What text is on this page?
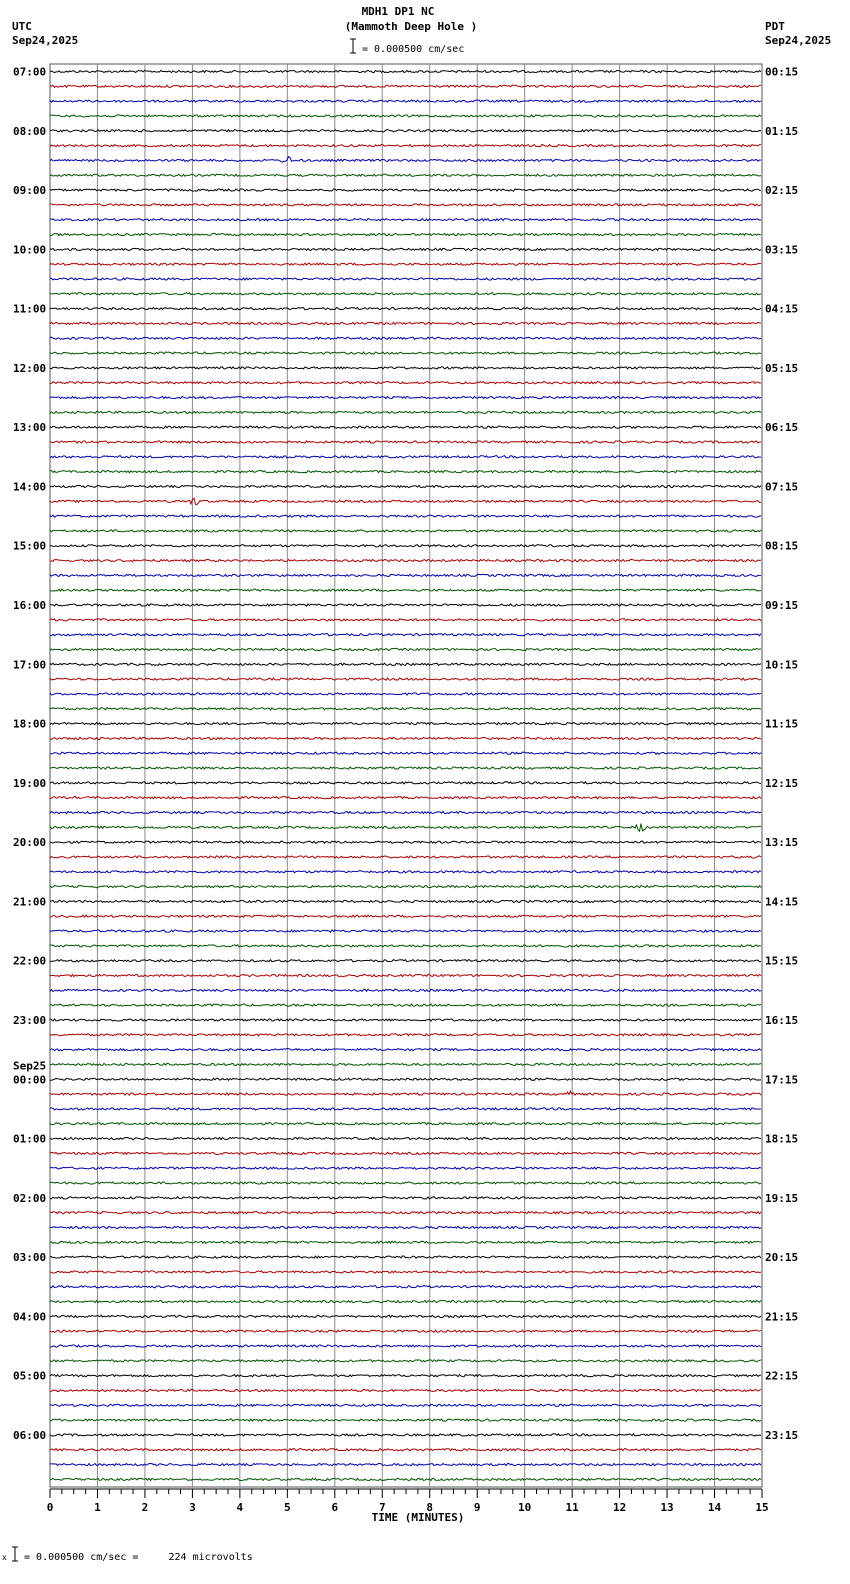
MDH1 DP1 NC
(Mammoth Deep Hole )
= 0.000500 cm/sec
UTC
Sep24,2025
PDT
Sep24,2025
07:00	00:15
08:00	01:15
09:00	02:15
10:00	03:15
11:00	04:15
12:00	05:15
13:00	06:15
14:00	07:15
15:00	08:15
16:00	09:15
17:00	10:15
18:00	11:15
19:00	12:15
20:00	13:15
21:00	14:15
22:00	15:15
23:00	16:15
00:00	17:15
Sep25
01:00	18:15
02:00	19:15
03:00	20:15
04:00	21:15
05:00	22:15
06:00	23:15
0	1	2	3	4	5	6	7	8	9	10	11	12	13	14	15
TIME (MINUTES)
x = 0.000500 cm/sec =     224 microvolts
